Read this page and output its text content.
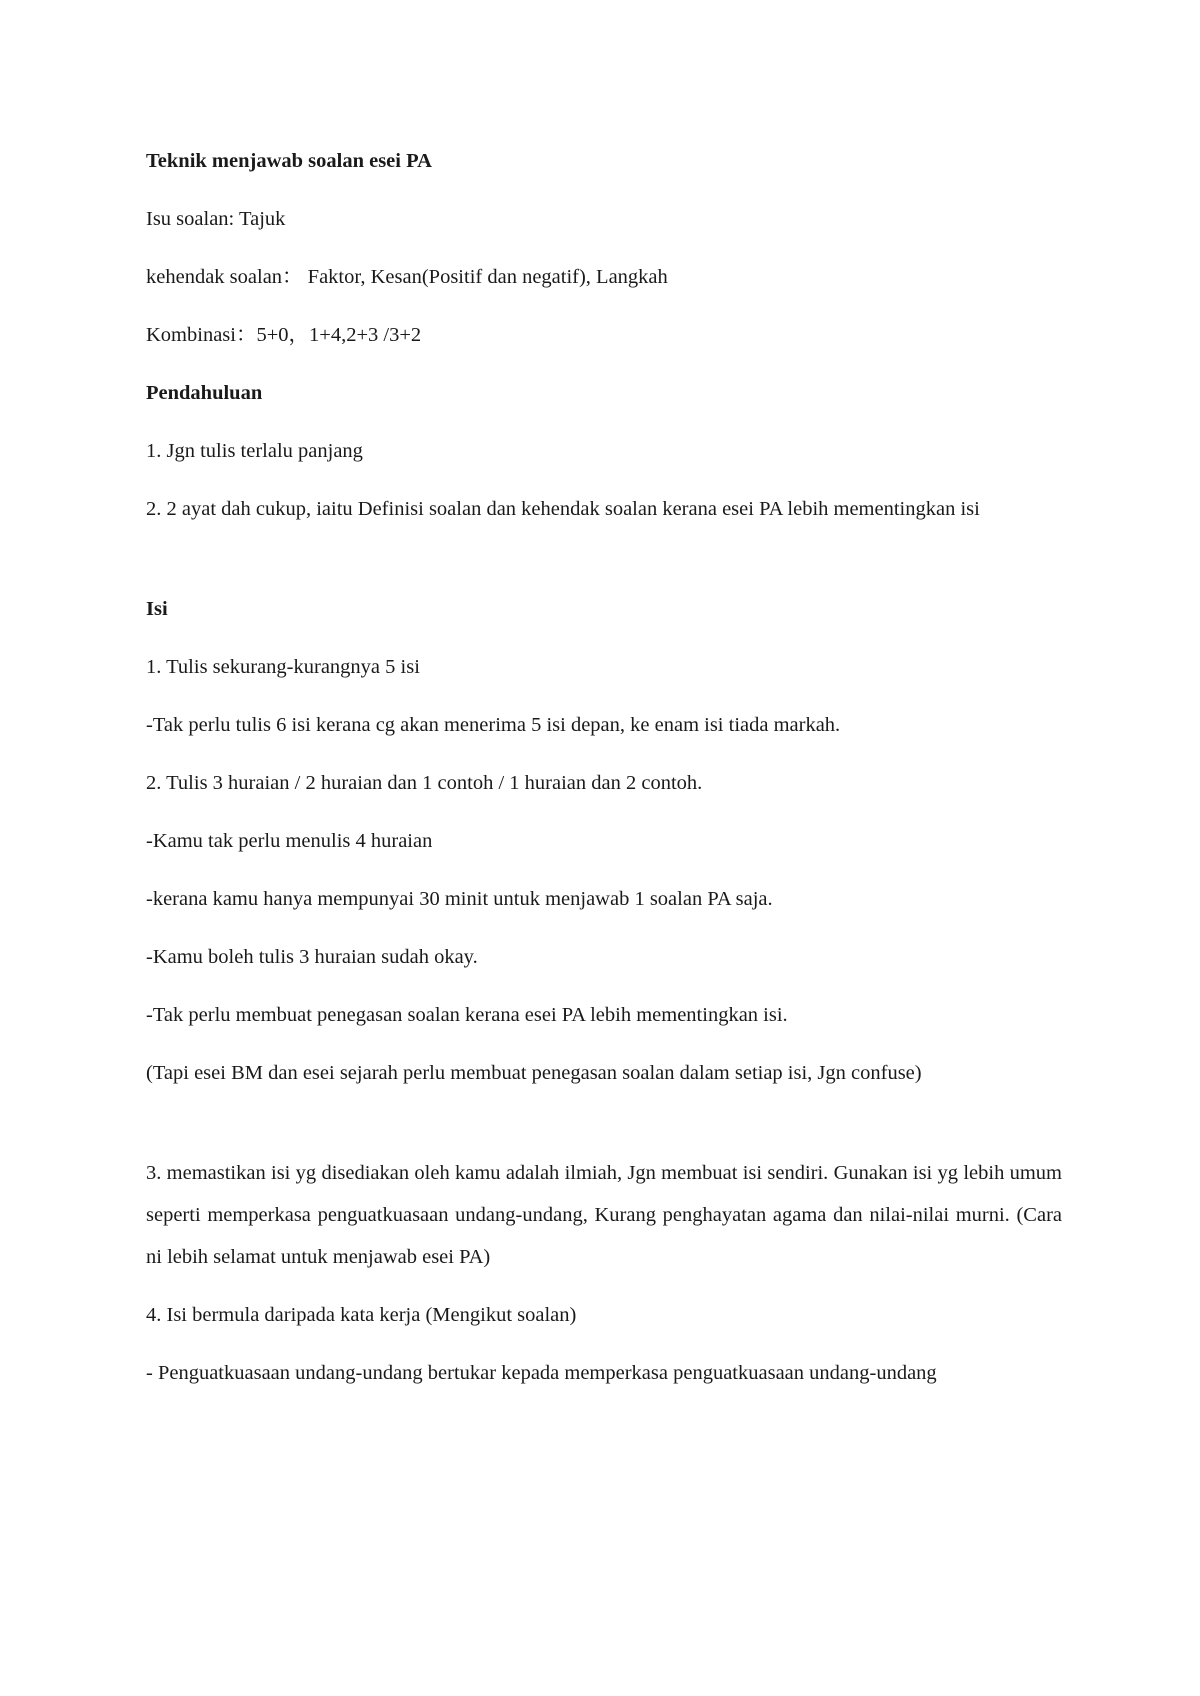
Teknik menjawab soalan esei PA

Isu soalan: Tajuk

kehendak soalan： Faktor, Kesan(Positif dan negatif), Langkah

Kombinasi：5+0，1+4,2+3 /3+2

Pendahuluan

1. Jgn tulis terlalu panjang

2. 2 ayat dah cukup, iaitu Definisi soalan dan kehendak soalan kerana esei PA lebih mementingkan isi

Isi

1. Tulis sekurang-kurangnya 5 isi

-Tak perlu tulis 6 isi kerana cg akan menerima 5 isi depan, ke enam isi tiada markah.

2. Tulis 3 huraian / 2 huraian dan 1 contoh / 1 huraian dan 2 contoh.

-Kamu tak perlu menulis 4 huraian

-kerana kamu hanya mempunyai 30 minit untuk menjawab 1 soalan PA saja.

-Kamu boleh tulis 3 huraian sudah okay.

-Tak perlu membuat penegasan soalan kerana esei PA lebih mementingkan isi.

(Tapi esei BM dan esei sejarah perlu membuat penegasan soalan dalam setiap isi, Jgn confuse)

3. memastikan isi yg disediakan oleh kamu adalah ilmiah, Jgn membuat isi sendiri. Gunakan isi yg lebih umum seperti memperkasa penguatkuasaan undang-undang, Kurang penghayatan agama dan nilai-nilai murni. (Cara ni lebih selamat untuk menjawab esei PA)

4. Isi bermula daripada kata kerja (Mengikut soalan)

- Penguatkuasaan undang-undang bertukar kepada memperkasa penguatkuasaan undang-undang
